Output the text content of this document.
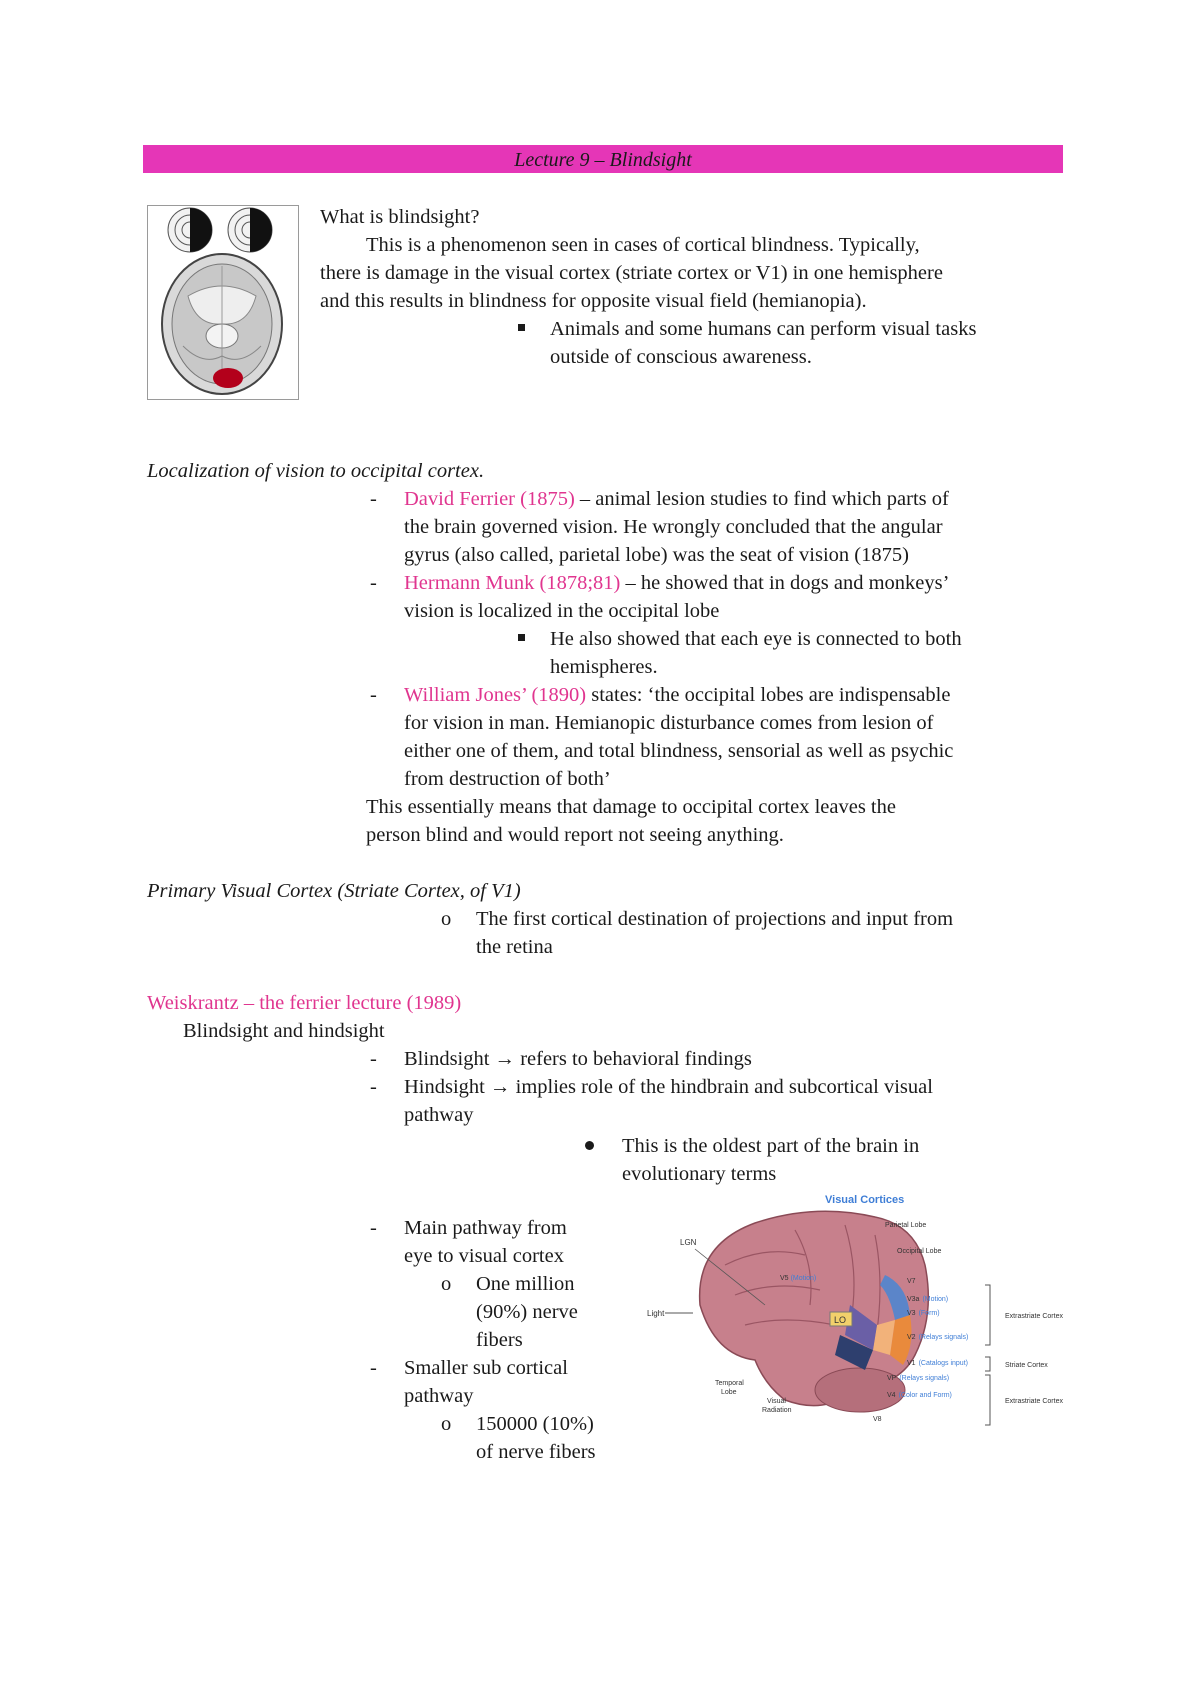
Lecture 9 – Blindsight
What is blindsight?
This is a phenomenon seen in cases of cortical blindness. Typically,
there is damage in the visual cortex (striate cortex or V1) in one hemisphere
and this results in blindness for opposite visual field (hemianopia).
Animals and some humans can perform visual tasks
outside of conscious awareness.
Localization of vision to occipital cortex.
- David Ferrier (1875) – animal lesion studies to find which parts of
the brain governed vision. He wrongly concluded that the angular
gyrus (also called, parietal lobe) was the seat of vision (1875)
- Hermann Munk (1878;81) – he showed that in dogs and monkeys’
vision is localized in the occipital lobe
He also showed that each eye is connected to both
hemispheres.
- William Jones’ (1890) states: ‘the occipital lobes are indispensable
for vision in man. Hemianopic disturbance comes from lesion of
either one of them, and total blindness, sensorial as well as psychic
from destruction of both’
This essentially means that damage to occipital cortex leaves the
person blind and would report not seeing anything.
Primary Visual Cortex (Striate Cortex, of V1)
o The first cortical destination of projections and input from
the retina
Weiskrantz – the ferrier lecture (1989)
Blindsight and hindsight
- Blindsight → refers to behavioral findings
- Hindsight → implies role of the hindbrain and subcortical visual
pathway
This is the oldest part of the brain in
evolutionary terms
- Main pathway from
eye to visual cortex
o One million
(90%) nerve
fibers
- Smaller sub cortical
pathway
o 150000 (10%)
of nerve fibers
Visual Cortices
LO
Light
LGN
V5 (Motion)
Parietal Lobe
Occipital Lobe
V7
V3a (Motion)
V3 (Form)
V2 (Relays signals)
V1 (Catalogs input)
VP (Relays signals)
V4 (Color and Form)
V8
Temporal
Lobe
Visual
Radiation
Extrastriate Cortex
Striate Cortex
Extrastriate Cortex
